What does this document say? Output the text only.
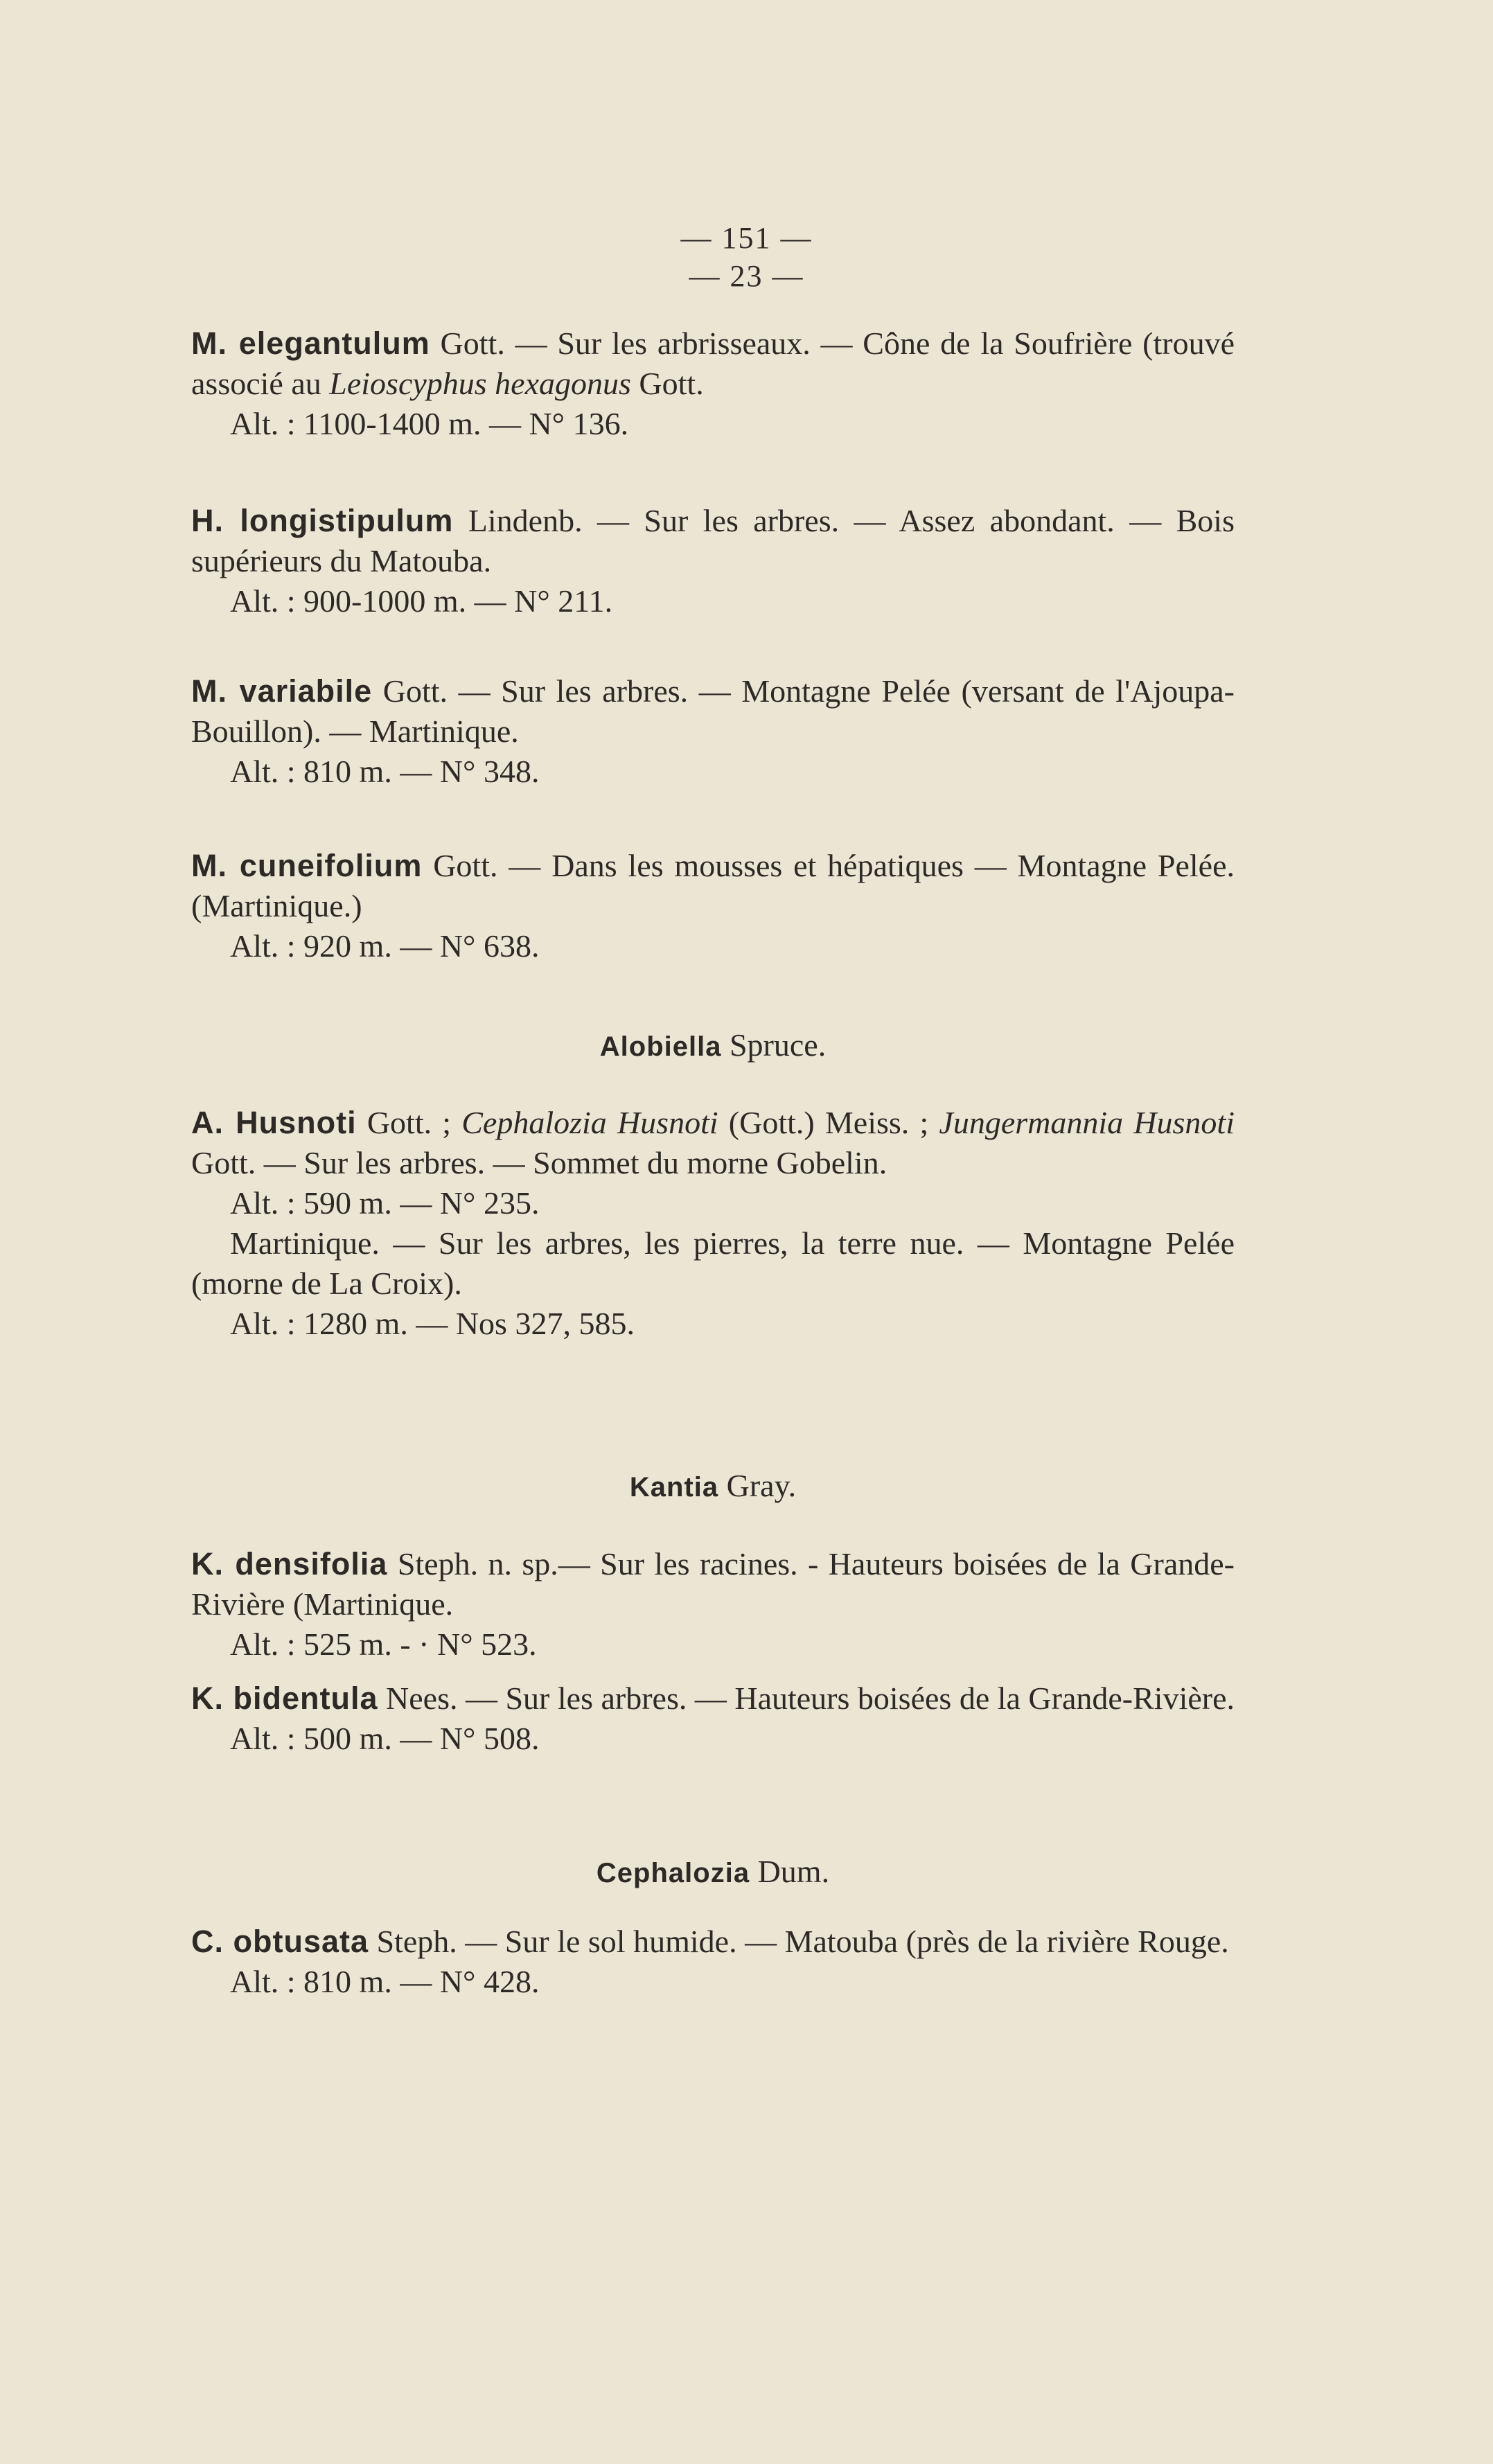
— 151 —
— 23 —

M. elegantulum Gott. — Sur les arbrisseaux. — Cône de la Soufrière (trouvé associé au Leioscyphus hexagonus Gott.

Alt. : 1100-1400 m. — N° 136.

H. longistipulum Lindenb. — Sur les arbres. — Assez abondant. — Bois supérieurs du Matouba.

Alt. : 900-1000 m. — N° 211.

M. variabile Gott. — Sur les arbres. — Montagne Pelée (versant de l'Ajoupa-Bouillon). — Martinique.

Alt. : 810 m. — N° 348.

M. cuneifolium Gott. — Dans les mousses et hépatiques — Montagne Pelée. (Martinique.)

Alt. : 920 m. — N° 638.

Alobiella Spruce.

A. Husnoti Gott. ; Cephalozia Husnoti (Gott.) Meiss. ; Jungermannia Husnoti Gott. — Sur les arbres. — Sommet du morne Gobelin.

Alt. : 590 m. — N° 235.

Martinique. — Sur les arbres, les pierres, la terre nue. — Montagne Pelée (morne de La Croix).

Alt. : 1280 m. — Nos 327, 585.

Kantia Gray.

K. densifolia Steph. n. sp.— Sur les racines. - Hauteurs boisées de la Grande-Rivière (Martinique.

Alt. : 525 m. - · N° 523.

K. bidentula Nees. — Sur les arbres. — Hauteurs boisées de la Grande-Rivière.

Alt. : 500 m. — N° 508.

Cephalozia Dum.

C. obtusata Steph. — Sur le sol humide. — Matouba (près de la rivière Rouge.

Alt. : 810 m. — N° 428.
